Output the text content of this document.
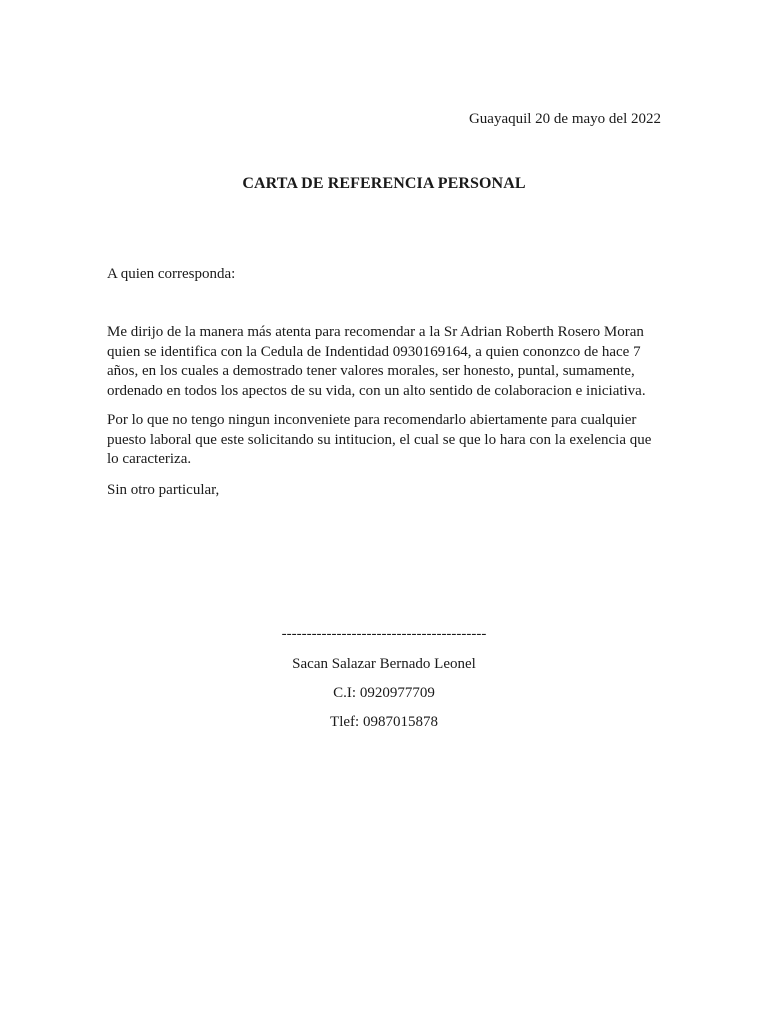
Guayaquil 20 de mayo del 2022
CARTA DE REFERENCIA PERSONAL
A quien corresponda:

Me dirijo de la manera más atenta para recomendar a la Sr Adrian Roberth Rosero Moran quien se identifica con la Cedula de Indentidad 0930169164, a quien cononzco de hace 7 años, en los cuales a demostrado tener valores morales, ser honesto, puntal, sumamente, ordenado en todos los apectos de su vida, con un alto sentido de colaboracion e iniciativa.

Por lo que no tengo ningun inconveniete para recomendarlo abiertamente para cualquier puesto laboral que este solicitando su intitucion, el cual se que lo hara con la exelencia que lo caracteriza.

Sin otro particular,
-----------------------------------------
Sacan Salazar Bernado Leonel
C.I: 0920977709
Tlef: 0987015878
